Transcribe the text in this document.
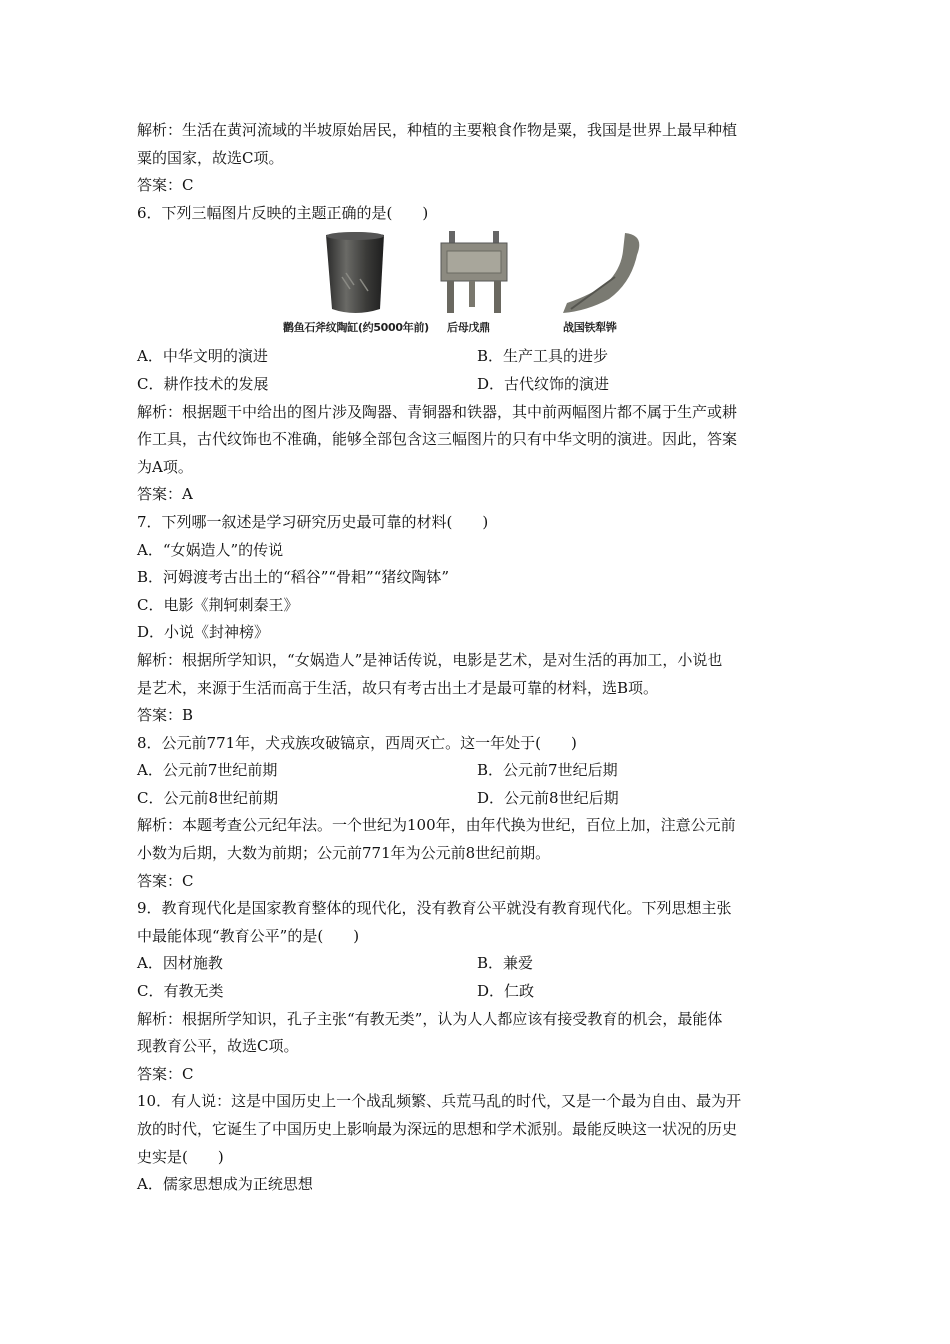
解析：生活在黄河流域的半坡原始居民，种植的主要粮食作物是粟，我国是世界上最早种植
粟的国家，故选C项。
答案：C
6．下列三幅图片反映的主题正确的是(　　)
鹳鱼石斧纹陶缸(约5000年前) 后母戊鼎	战国铁犁铧
A．中华文明的演进	B．生产工具的进步
C．耕作技术的发展	D．古代纹饰的演进
解析：根据题干中给出的图片涉及陶器、青铜器和铁器，其中前两幅图片都不属于生产或耕
作工具，古代纹饰也不准确，能够全部包含这三幅图片的只有中华文明的演进。因此，答案
为A项。
答案：A
7．下列哪一叙述是学习研究历史最可靠的材料(　　)
A．“女娲造人”的传说
B．河姆渡考古出土的“稻谷”“骨耜”“猪纹陶钵”
C．电影《荆轲刺秦王》
D．小说《封神榜》
解析：根据所学知识，“女娲造人”是神话传说，电影是艺术，是对生活的再加工，小说也
是艺术，来源于生活而高于生活，故只有考古出土才是最可靠的材料，选B项。
答案：B
8．公元前771年，犬戎族攻破镐京，西周灭亡。这一年处于(　　)
A．公元前7世纪前期	B．公元前7世纪后期
C．公元前8世纪前期	D．公元前8世纪后期
解析：本题考查公元纪年法。一个世纪为100年，由年代换为世纪，百位上加，注意公元前
小数为后期，大数为前期；公元前771年为公元前8世纪前期。
答案：C
9．教育现代化是国家教育整体的现代化，没有教育公平就没有教育现代化。下列思想主张
中最能体现“教育公平”的是(　　)
A．因材施教	B．兼爱
C．有教无类	D．仁政
解析：根据所学知识，孔子主张“有教无类”，认为人人都应该有接受教育的机会，最能体
现教育公平，故选C项。
答案：C
10．有人说：这是中国历史上一个战乱频繁、兵荒马乱的时代，又是一个最为自由、最为开
放的时代，它诞生了中国历史上影响最为深远的思想和学术派别。最能反映这一状况的历史
史实是(　　)
A．儒家思想成为正统思想
